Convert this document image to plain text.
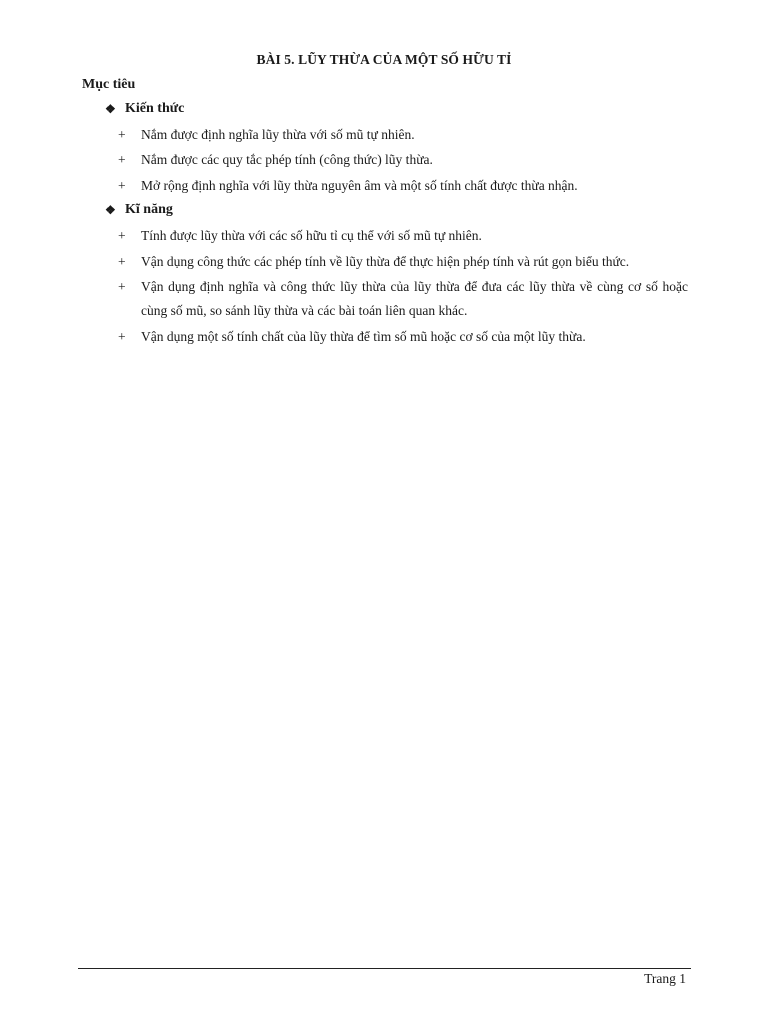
BÀI 5. LŨY THỪA CỦA MỘT SỐ HỮU TỈ
Mục tiêu
❖ Kiến thức
+	Nắm được định nghĩa lũy thừa với số mũ tự nhiên.
+	Nắm được các quy tắc phép tính (công thức) lũy thừa.
+	Mở rộng định nghĩa với lũy thừa nguyên âm và một số tính chất được thừa nhận.
❖ Kĩ năng
+	Tính được lũy thừa với các số hữu tỉ cụ thể với số mũ tự nhiên.
+	Vận dụng công thức các phép tính về lũy thừa để thực hiện phép tính và rút gọn biểu thức.
+	Vận dụng định nghĩa và công thức lũy thừa của lũy thừa để đưa các lũy thừa về cùng cơ số hoặc cùng số mũ, so sánh lũy thừa và các bài toán liên quan khác.
+	Vận dụng một số tính chất của lũy thừa để tìm số mũ hoặc cơ số của một lũy thừa.
Trang 1
